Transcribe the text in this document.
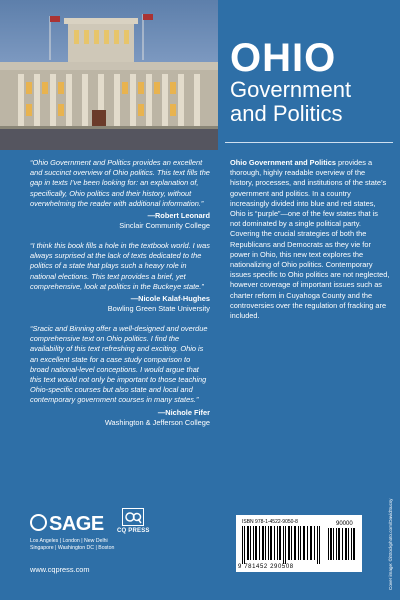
OHIO
Government
and Politics

“Ohio Government and Politics provides an excellent and succinct overview of Ohio politics. This text fills the gap in texts I’ve been looking for: an explanation of, specifically, Ohio politics and their history, without overwhelming the reader with additional information.”

—Robert Leonard
Sinclair Community College

“I think this book fills a hole in the textbook world. I was always surprised at the lack of texts dedicated to the politics of a state that plays such a heavy role in national elections. This text provides a brief, yet comprehensive, look at politics in the Buckeye state.”

—Nicole Kalaf-Hughes
Bowling Green State University

“Sracic and Binning offer a well-designed and overdue comprehensive text on Ohio politics. I find the availability of this text refreshing and exciting. Ohio is an excellent state for a case study comparison to broad national-level conceptions. I would argue that this text would not only be important to those teaching Ohio-specific courses but also state and local and contemporary government courses in many states.”

—Nichole Fifer
Washington & Jefferson College
Ohio Government and Politics provides a thorough, highly readable overview of the history, processes, and institutions of the state’s government and politics. In a country increasingly divided into blue and red states, Ohio is “purple”—one of the few states that is not dominated by a single political party. Covering the crucial strategies of both the Republicans and Democrats as they vie for power in Ohio, this new text explores the nationalizing of Ohio politics. Contemporary issues specific to Ohio politics are not neglected, however coverage of important issues such as charter reform in Cuyahoga County and the controversies over the regulation of fracking are included.
Cover image: ©iStockphoto.com/DavidSucsy
SAGE
Los Angeles | London | New Delhi Singapore | Washington DC | Boston
CQ PRESS
www.cqpress.com
ISBN 978-1-4522-9050-8	90000
9 781452 290508
